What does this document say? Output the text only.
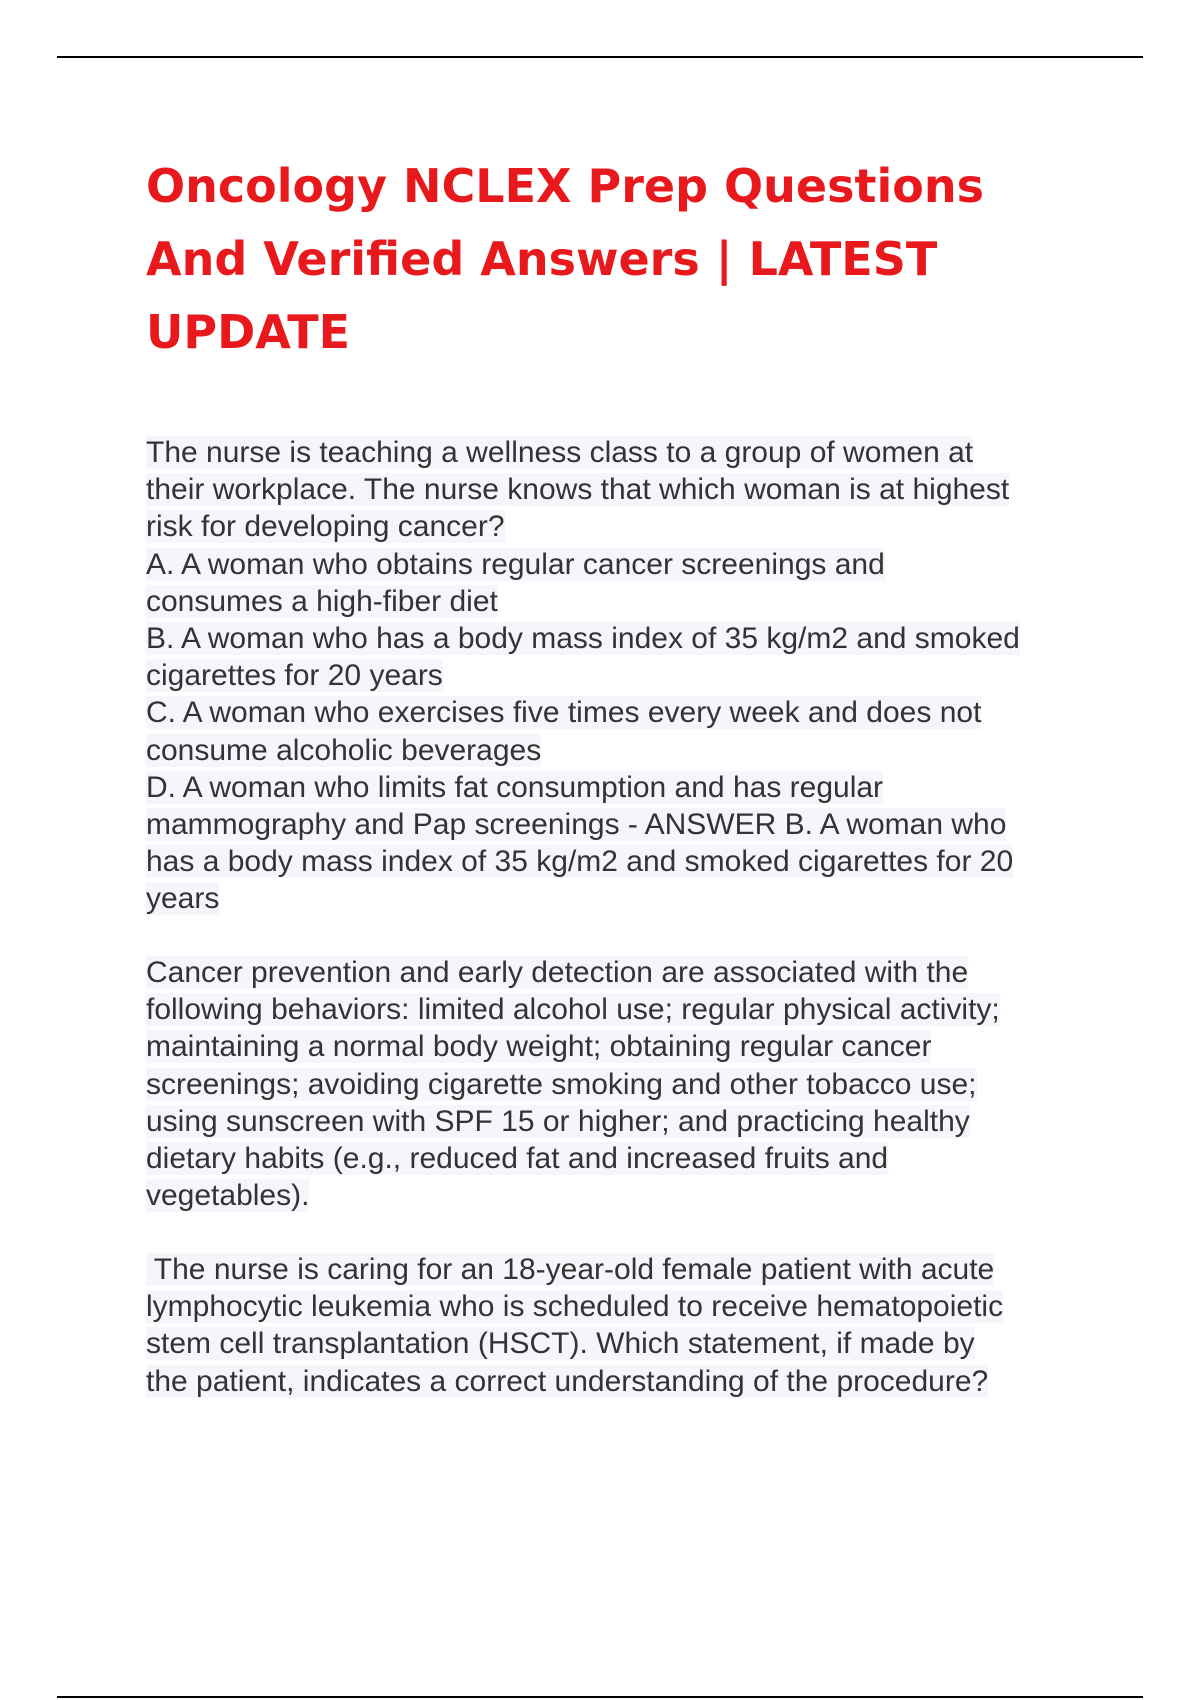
Oncology NCLEX Prep Questions
And Verified Answers | LATEST
UPDATE
The nurse is teaching a wellness class to a group of women at
their workplace. The nurse knows that which woman is at highest
risk for developing cancer?
A. A woman who obtains regular cancer screenings and
consumes a high-fiber diet
B. A woman who has a body mass index of 35 kg/m2 and smoked
cigarettes for 20 years
C. A woman who exercises five times every week and does not
consume alcoholic beverages
D. A woman who limits fat consumption and has regular
mammography and Pap screenings - ANSWER B. A woman who
has a body mass index of 35 kg/m2 and smoked cigarettes for 20
years
Cancer prevention and early detection are associated with the
following behaviors: limited alcohol use; regular physical activity;
maintaining a normal body weight; obtaining regular cancer
screenings; avoiding cigarette smoking and other tobacco use;
using sunscreen with SPF 15 or higher; and practicing healthy
dietary habits (e.g., reduced fat and increased fruits and
vegetables).
The nurse is caring for an 18-year-old female patient with acute
lymphocytic leukemia who is scheduled to receive hematopoietic
stem cell transplantation (HSCT). Which statement, if made by
the patient, indicates a correct understanding of the procedure?
